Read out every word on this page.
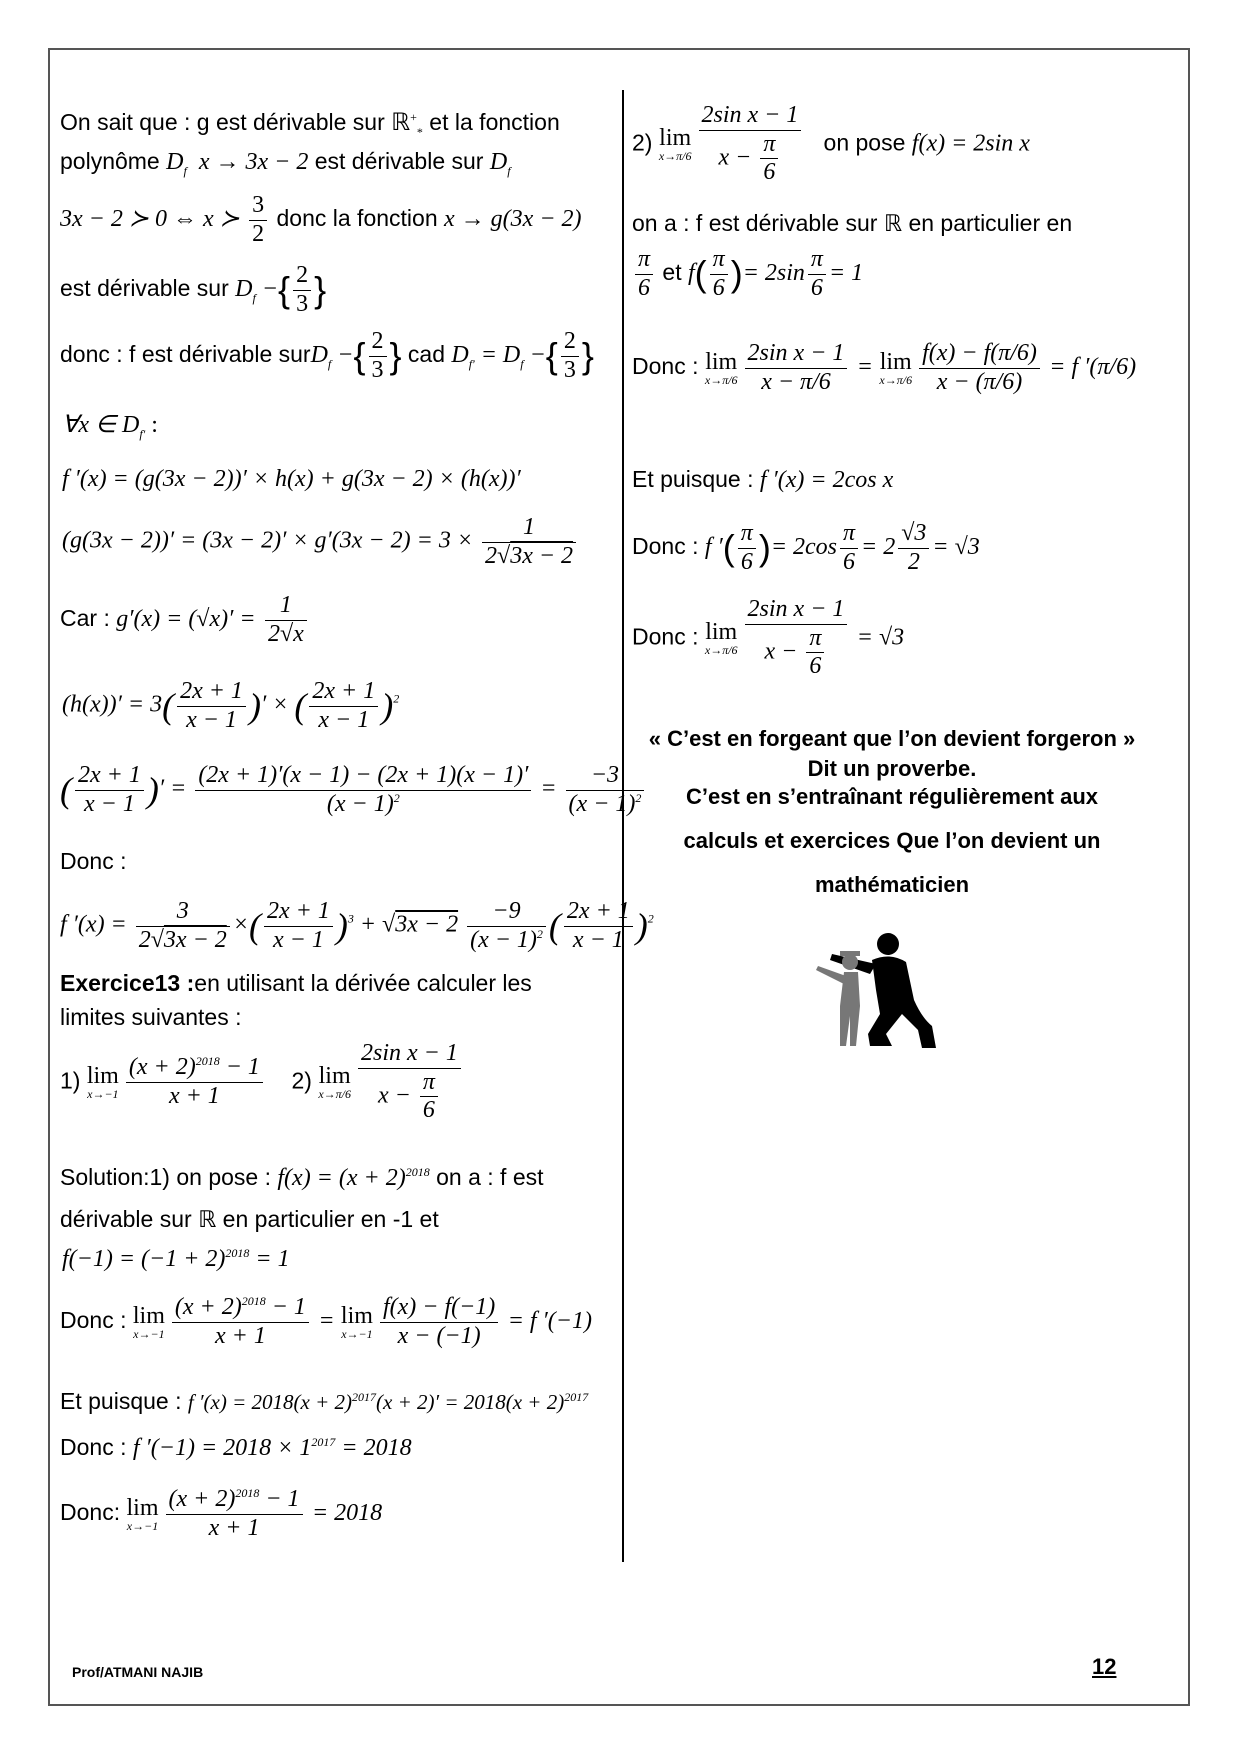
On sait que : g est dérivable sur ℝ+$_*$ et la fonction
polynôme $D_f$  x → 3x − 2 est dérivable sur $D_f$
3x − 2 ≻ 0 ⇔ x ≻ $\frac{3}{2}$ donc la fonction x → g(3x − 2)
est dérivable sur $D_f$ −{ $\frac{2}{3}$ }
donc : f est dérivable surD$_f$ −{ $\frac{2}{3}$ } cad $D_{f'} = D_f$ −{ $\frac{2}{3}$ }
∀x ∈ $D_{f'}$ :
f ′(x) = (g(3x − 2))′ × h(x) + g(3x − 2) × (h(x))′
$(g(3x - 2))' = (3x - 2)' \times g'(3x - 2) = 3 \times \frac{1}{2√3x - 2}$
Car : $g'(x) = (√x)' = \frac{1}{2√x}$
$(h(x))' = 3( \frac{2x + 1}{x - 1}$ )′ × ( $\frac{2x + 1}{x - 1} )^2$
( $\frac{2x + 1}{x - 1}$ )′ = $\frac{(2x + 1)'(x - 1) - (2x + 1)(x - 1)'}{(x - 1)^2} = \frac{-3}{(x - 1)^2}$
Donc :
f $'(x) = \frac{3}{2√3x - 2}$ ×( $\frac{2x + 1}{x - 1} )^3 + √3x - 2 \frac{-9}{(x - 1)^2}$ ( $\frac{2x + 1}{x - 1} )^2$
Exercice13 :en utilisant la dérivée calculer les
limites suivantes :
1) lim
$x\to-1 \frac{(x + 2)^{2018} - 1}{x + 1} 2$) lim
$x\to\pi/6 \frac{\text{2sin x − 1}}{x - \frac{\pi}{6}}$
Solution:1) on pose : $f(x) = (x + 2)^{2018}$ on a : f est
dérivable sur ℝ en particulier en -1 et
$f(-1) = (-1 + 2)^{2018} = 1$
Donc : lim
$x\to-1 \frac{(x + 2)^{2018} - 1}{x + 1} = \lim$
$x\to-1 \frac{f(x) - f(-1)}{x - (-1)} = f$ ′(−1)
Et puisque : f $'(x) = 2018(x + 2)^{2017}(x + 2)' = 2018(x + 2)^{2017}$
Donc : f $'(-1) = 2018 \times 1^{2017} = 2018$
Donc: lim
$x\to-1 \frac{(x + 2)^{2018} - 1}{x + 1} = 2018$
2) lim
$x\to\pi/6 \frac{\text{2sin x − 1}}{x - \frac{\pi}{6}}$ on pose f(x) = 2sin x
on a : f est dérivable sur ℝ en particulier en
$\frac{\pi}{6}$ et $f( \frac{\pi}{6}$ )= $2\sin \frac{\pi}{6} = 1$
Donc : lim
$x\to\pi/6 \frac{\text{2sin x − 1}}{x - \pi/6} = \lim$
$x\to\pi/6 \frac{f(x) - f(\pi/6)}{x - (\pi/6)} = f$ ′(π/6)
Et puisque : f ′(x) = 2cos x
Donc : f ′( $\frac{\pi}{6}$ )= $2\cos \frac{\pi}{6} = 2 \frac{√3}{2} = √3$
Donc : lim
$x\to\pi/6 \frac{\text{2sin x − 1}}{x - \frac{\pi}{6}} = √3$
« C’est en forgeant que l’on devient forgeron »
Dit un proverbe.
C’est en s’entraînant régulièrement aux
calculs et exercices Que l’on devient un
mathématicien
Prof/ATMANI NAJIB	12
